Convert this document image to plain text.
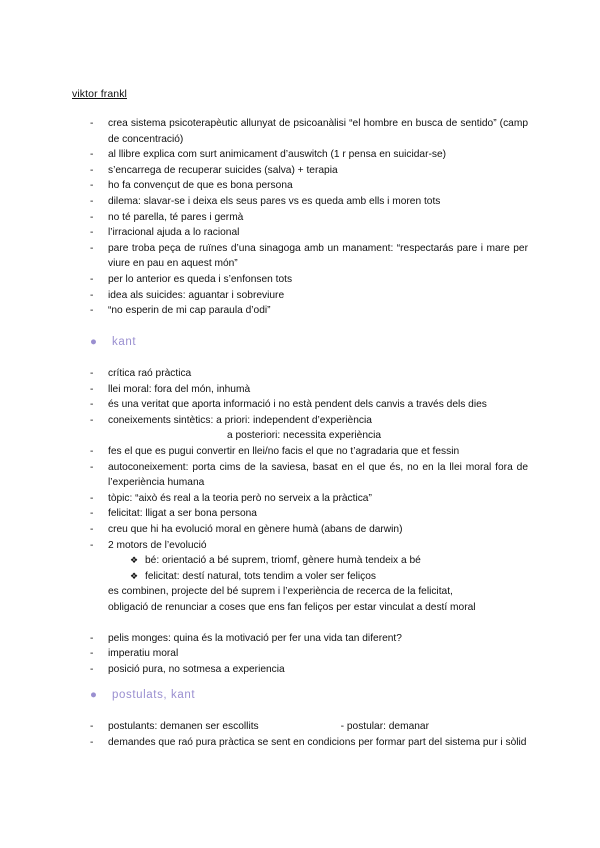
viktor frankl
- crea sistema psicoterapèutic allunyat de psicoanàlisi “el hombre en busca de sentido” (camp de concentració)
- al llibre explica com surt animicament d’auswitch (1 r pensa en suicidar-se)
- s’encarrega de recuperar suicides (salva) + terapia
- ho fa convençut de que es bona persona
- dilema: slavar-se i deixa els seus pares vs es queda amb ells i moren tots
- no té parella, té pares i germà
- l’irracional ajuda a lo racional
- pare troba peça de ruïnes d’una sinagoga amb un manament: “respectarás pare i mare per viure en pau en aquest món”
- per lo anterior es queda i s’enfonsen tots
- idea als suicides: aguantar i sobreviure
- “no esperin de mi cap paraula d’odi”
● kant
- crítica raó pràctica
- llei moral: fora del món, inhumà
- és una veritat que aporta informació i no està pendent dels canvis a través dels dies
- coneixements sintètics: a priori: independent d’experiència
a posteriori: necessita experiència
- fes el que es pugui convertir en llei/no facis el que no t’agradaria que et fessin
- autoconeixement: porta cims de la saviesa, basat en el que és, no en la llei moral fora de l’experiència humana
- tòpic: “això és real a la teoria però no serveix a la pràctica”
- felicitat: lligat a ser bona persona
- creu que hi ha evolució moral en gènere humà (abans de darwin)
- 2 motors de l’evolució
❖ bé: orientació a bé suprem, triomf, gènere humà tendeix a bé
❖ felicitat: destí natural, tots tendim a voler ser feliços
es combinen, projecte del bé suprem i l’experiència de recerca de la felicitat,
obligació de renunciar a coses que ens fan feliços per estar vinculat a destí moral
- pelis monges: quina és la motivació per fer una vida tan diferent?
- imperatiu moral
- posició pura, no sotmesa a experiencia
● postulats, kant
- postulants: demanen ser escollits	- postular: demanar
- demandes que raó pura pràctica se sent en condicions per formar part del sistema pur i sòlid
